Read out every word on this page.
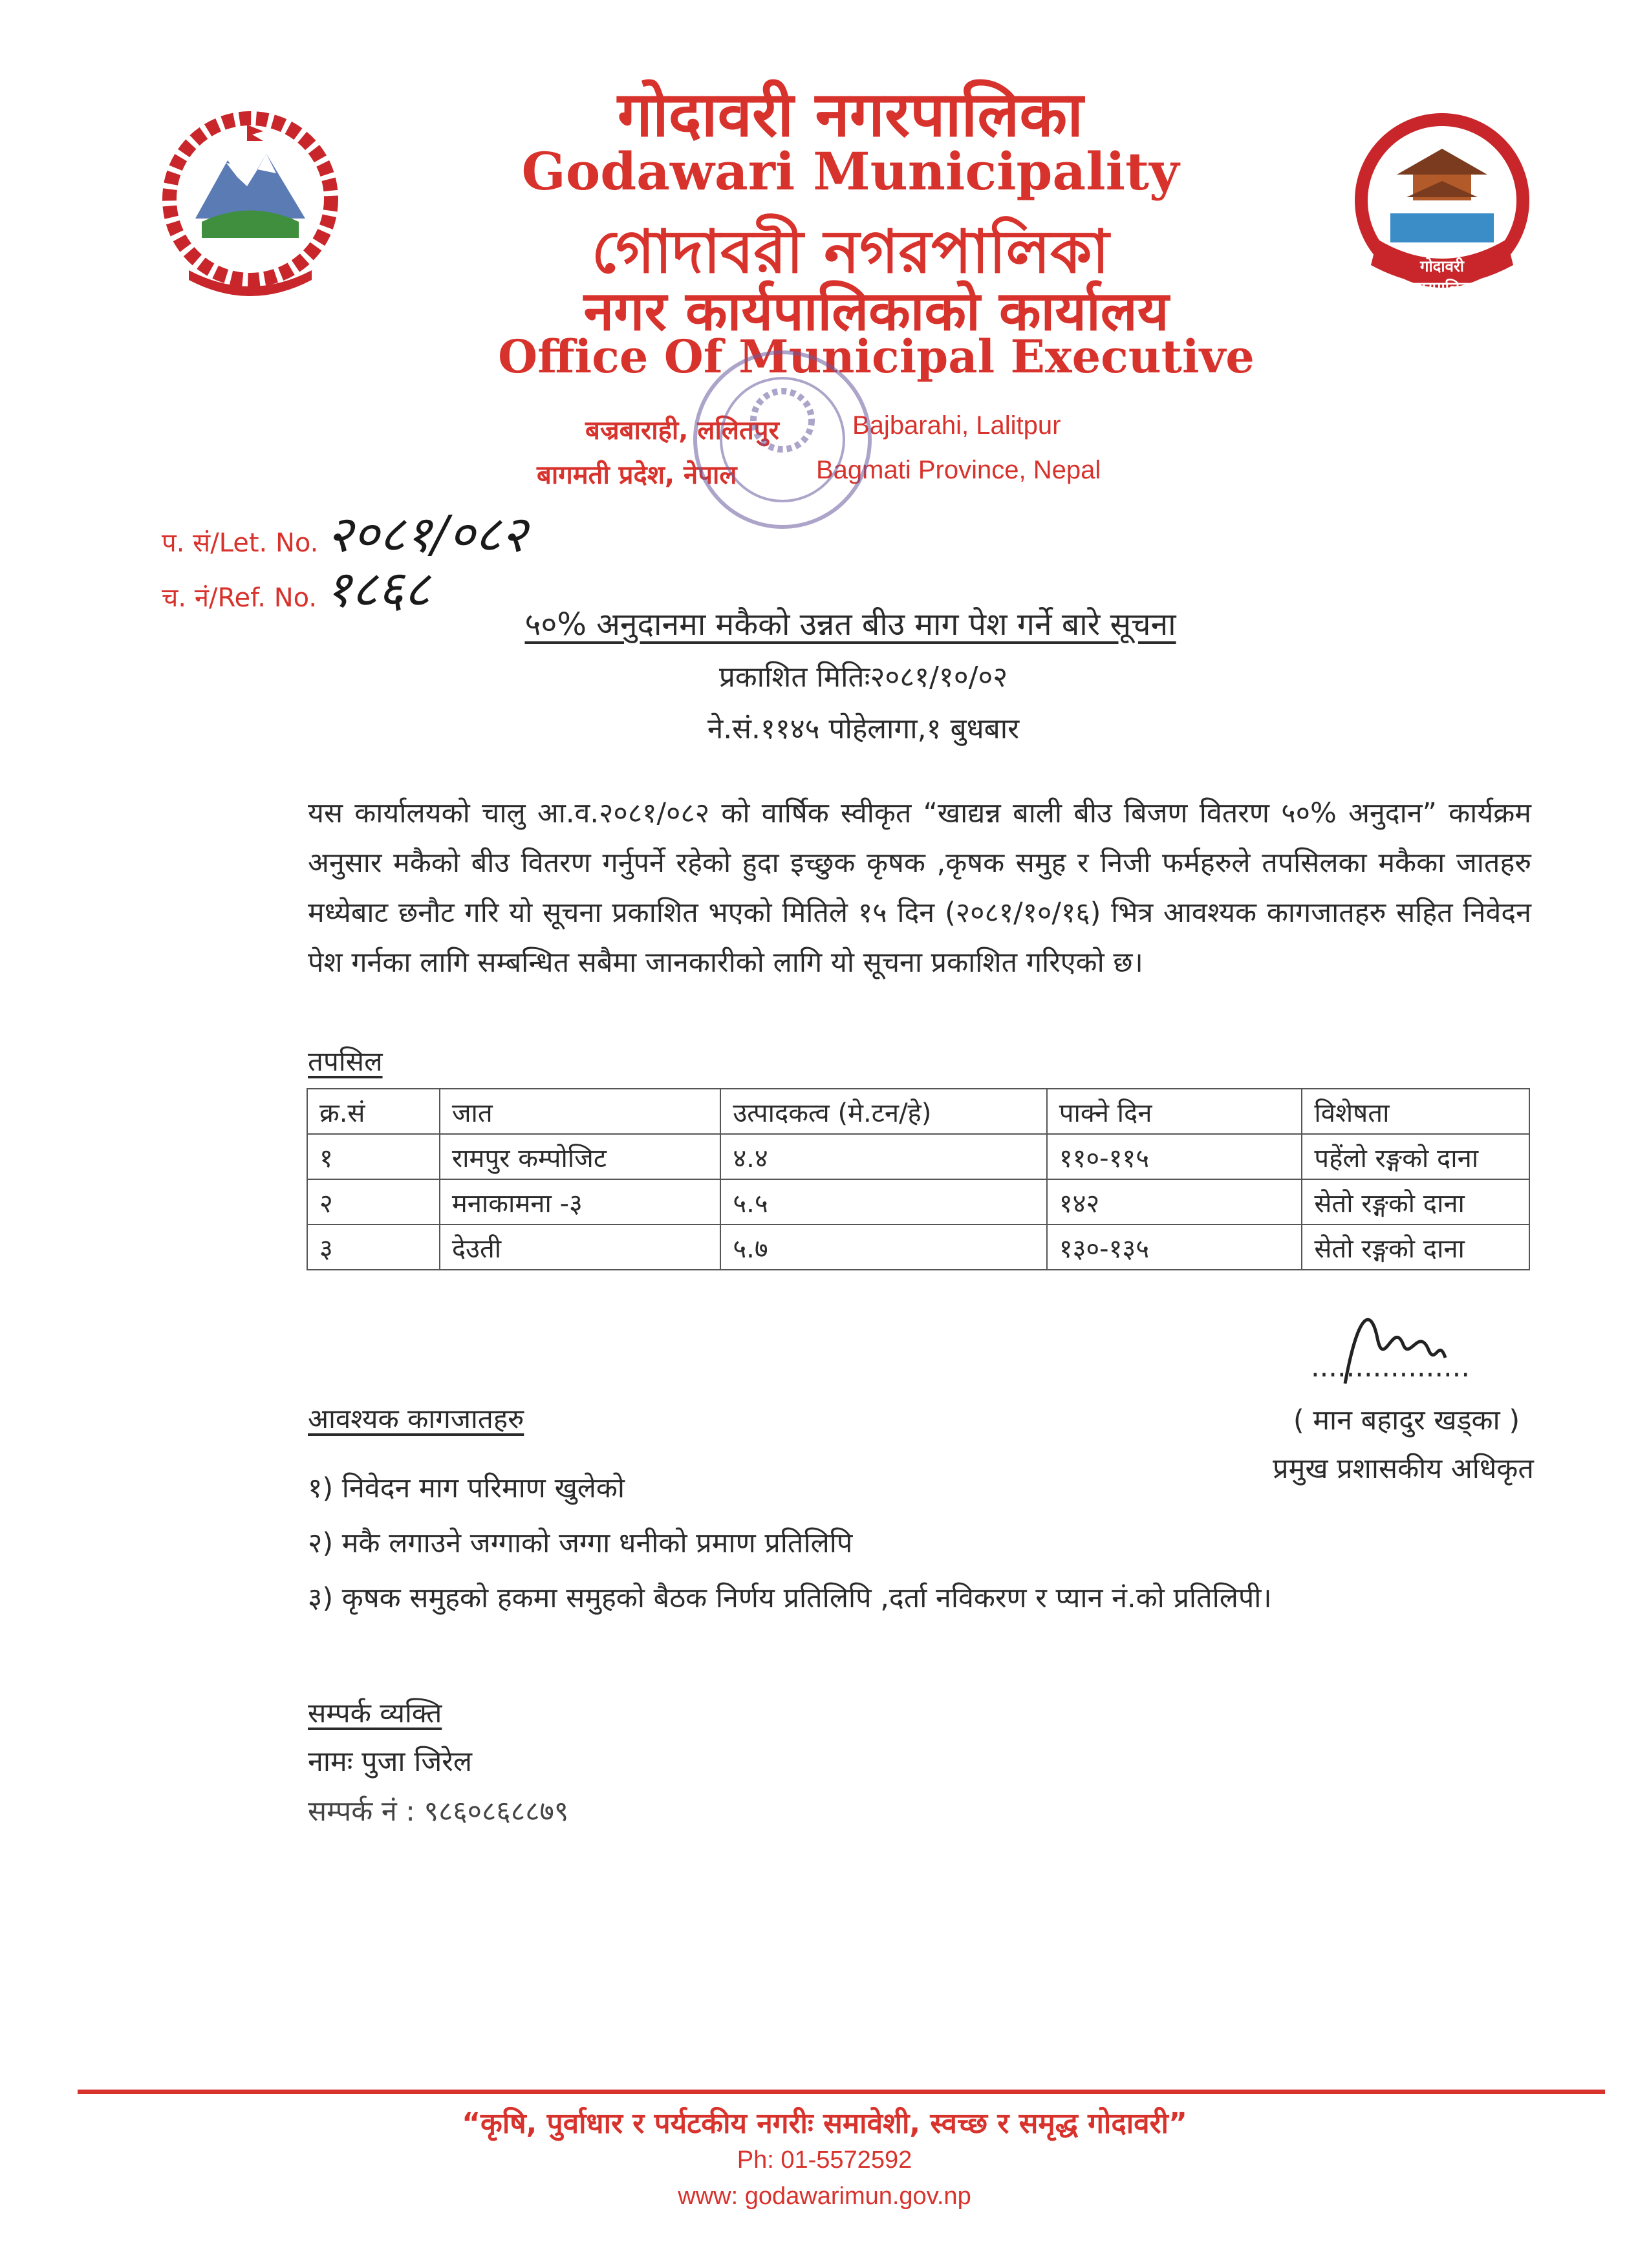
गोदावरी नगरपालिका
गोदावरी नगरपालिका
Godawari Municipality
গোদাবরী নগরপালিকা
नगर कार्यपालिकाको कार्यालय
Office Of Municipal Executive
बज्रबाराही, ललितपुर	Bajbarahi, Lalitpur
बागमती प्रदेश, नेपाल	Bagmati Province, Nepal
प. सं/Let. No. २०८१/०८२
च. नं/Ref. No. १८६८
५०% अनुदानमा मकैको उन्नत बीउ माग पेश गर्ने बारे सूचना
प्रकाशित मितिः२०८१/१०/०२
ने.सं.११४५ पोहेलागा,१ बुधबार
यस कार्यालयको चालु आ.व.२०८१/०८२ को वार्षिक स्वीकृत “खाद्यन्न बाली बीउ बिजण वितरण ५०% अनुदान” कार्यक्रम अनुसार मकैको बीउ वितरण गर्नुपर्ने रहेको हुदा इच्छुक कृषक ,कृषक समुह र निजी फर्महरुले तपसिलका मकैका जातहरु मध्येबाट छनौट गरि यो सूचना प्रकाशित भएको मितिले १५ दिन (२०८१/१०/१६) भित्र आवश्यक कागजातहरु सहित निवेदन पेश गर्नका लागि सम्बन्धित सबैमा जानकारीको लागि यो सूचना प्रकाशित गरिएको छ।
तपसिल
क्र.सं	जात	उत्पादकत्व (मे.टन/हे)	पाक्ने दिन	विशेषता
१	रामपुर कम्पोजिट	४.४	११०-११५	पहेंलो रङ्गको दाना
२	मनाकामना -३	५.५	१४२	सेतो रङ्गको दाना
३	देउती	५.७	१३०-१३५	सेतो रङ्गको दाना
..................
( मान बहादुर खड्का )
प्रमुख प्रशासकीय अधिकृत
आवश्यक कागजातहरु
१) निवेदन माग परिमाण खुलेको
२) मकै लगाउने जग्गाको जग्गा धनीको प्रमाण प्रतिलिपि
३) कृषक समुहको हकमा समुहको बैठक निर्णय प्रतिलिपि ,दर्ता नविकरण र प्यान नं.को प्रतिलिपी।
सम्पर्क व्यक्ति
नामः पुजा जिरेल
सम्पर्क नं : ९८६०८६८८७९
“कृषि, पुर्वाधार र पर्यटकीय नगरीः समावेशी, स्वच्छ र समृद्ध गोदावरी”
Ph: 01-5572592
www: godawarimun.gov.np
